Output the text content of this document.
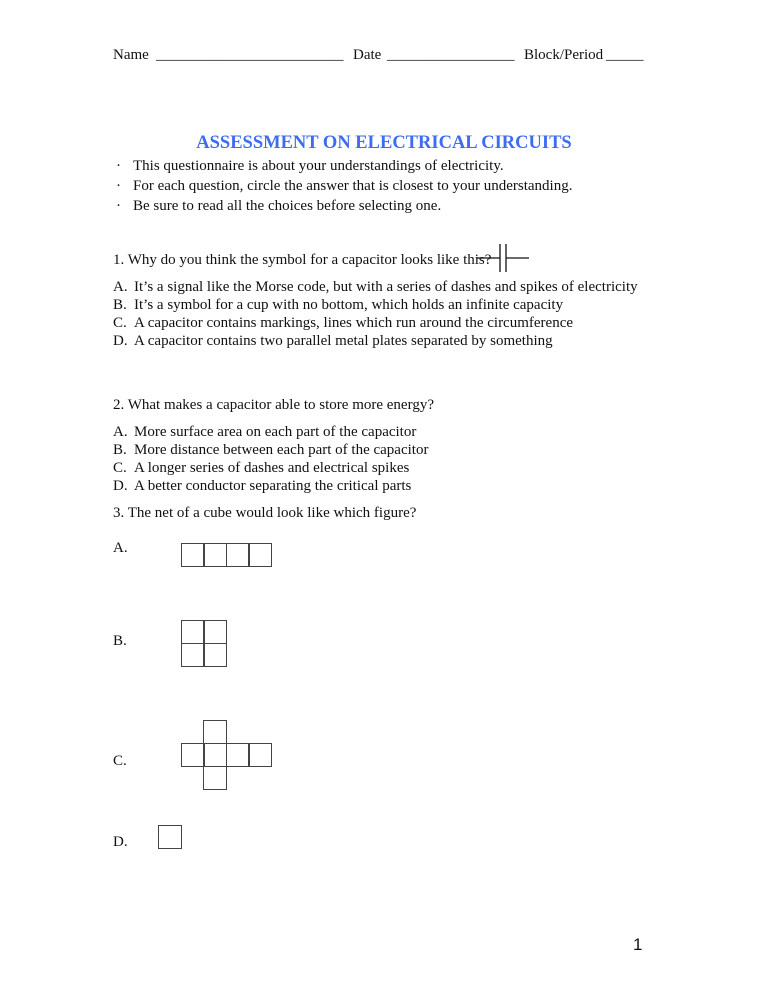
Name _________________________ Date _________________ Block/Period _____
ASSESSMENT ON ELECTRICAL CIRCUITS
· This questionnaire is about your understandings of electricity.
· For each question, circle the answer that is closest to your understanding.
· Be sure to read all the choices before selecting one.
1. Why do you think the symbol for a capacitor looks like this?
A. It’s a signal like the Morse code, but with a series of dashes and spikes of electricity
B. It’s a symbol for a cup with no bottom, which holds an infinite capacity
C. A capacitor contains markings, lines which run around the circumference
D. A capacitor contains two parallel metal plates separated by something
2. What makes a capacitor able to store more energy?
A. More surface area on each part of the capacitor
B. More distance between each part of the capacitor
C. A longer series of dashes and electrical spikes
D. A better conductor separating the critical parts
3. The net of a cube would look like which figure?
A.
B.
C.
D.
1
